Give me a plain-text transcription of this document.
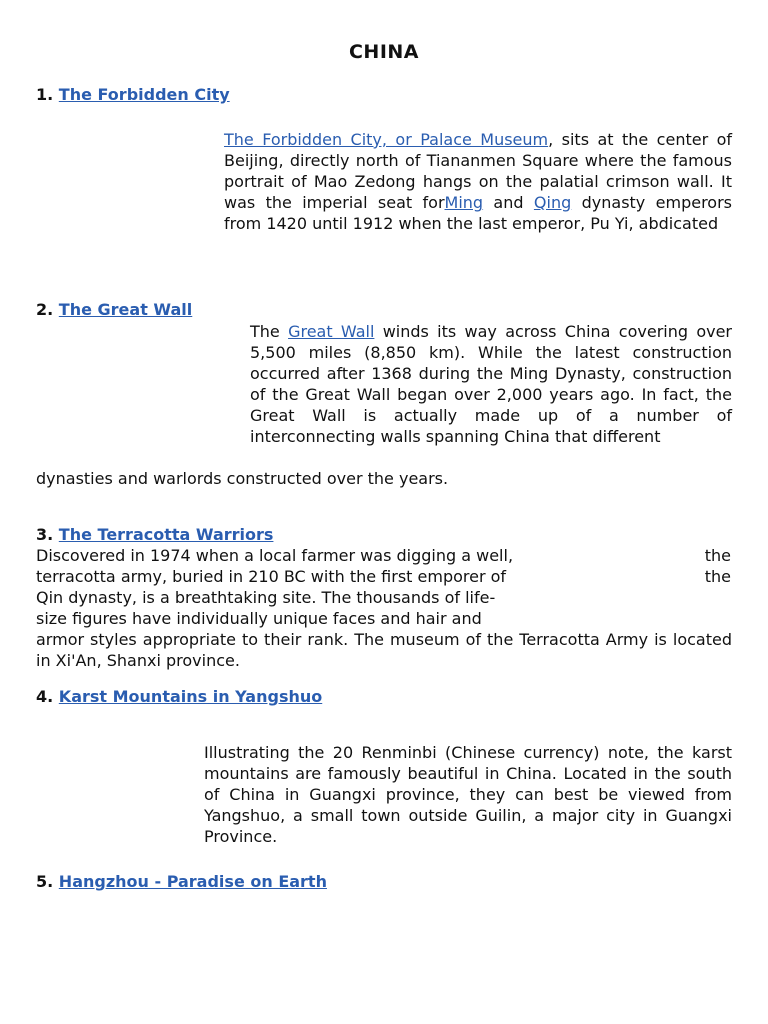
CHINA
1. The Forbidden City

The Forbidden City, or Palace Museum, sits at the center of Beijing, directly north of Tiananmen Square where the famous portrait of Mao Zedong hangs on the palatial crimson wall. It was the imperial seat forMing and Qing dynasty emperors from 1420 until 1912 when the last emperor, Pu Yi, abdicated

2. The Great Wall

The Great Wall winds its way across China covering over 5,500 miles (8,850 km). While the latest construction occurred after 1368 during the Ming Dynasty, construction of the Great Wall began over 2,000 years ago. In fact, the Great Wall is actually made up of a number of interconnecting walls spanning China that different

dynasties and warlords constructed over the years.

3. The Terracotta Warriors

Discovered in 1974 when a local farmer was digging a well,	the

terracotta army, buried in 210 BC with the first emporer of	the

Qin dynasty, is a breathtaking site. The thousands of life-

size figures have individually unique faces and hair and

armor styles appropriate to their rank. The museum of the Terracotta Army is located in Xi'An, Shanxi province.

4. Karst Mountains in Yangshuo

Illustrating the 20 Renminbi (Chinese currency) note, the karst mountains are famously beautiful in China. Located in the south of China in Guangxi province, they can best be viewed from Yangshuo, a small town outside Guilin, a major city in Guangxi Province.

5. Hangzhou - Paradise on Earth
